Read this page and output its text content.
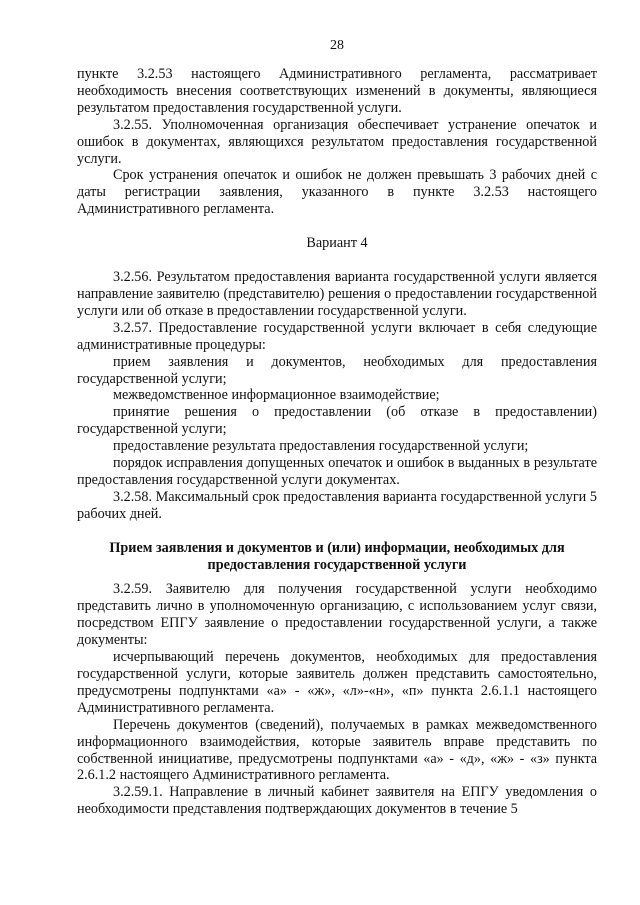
28

пункте 3.2.53 настоящего Административного регламента, рассматривает необходимость внесения соответствующих изменений в документы, являющиеся результатом предоставления государственной услуги.

3.2.55. Уполномоченная организация обеспечивает устранение опечаток и ошибок в документах, являющихся результатом предоставления государственной услуги.

Срок устранения опечаток и ошибок не должен превышать 3 рабочих дней с даты регистрации заявления, указанного в пункте 3.2.53 настоящего Административного регламента.

Вариант 4

3.2.56. Результатом предоставления варианта государственной услуги является направление заявителю (представителю) решения о предоставлении государственной услуги или об отказе в предоставлении государственной услуги.

3.2.57. Предоставление государственной услуги включает в себя следующие административные процедуры:

прием заявления и документов, необходимых для предоставления государственной услуги;

межведомственное информационное взаимодействие;

принятие решения о предоставлении (об отказе в предоставлении) государственной услуги;

предоставление результата предоставления государственной услуги;

порядок исправления допущенных опечаток и ошибок в выданных в результате предоставления государственной услуги документах.

3.2.58. Максимальный срок предоставления варианта государственной услуги 5 рабочих дней.

Прием заявления и документов и (или) информации, необходимых для предоставления государственной услуги

3.2.59. Заявителю для получения государственной услуги необходимо представить лично в уполномоченную организацию, с использованием услуг связи, посредством ЕПГУ заявление о предоставлении государственной услуги, а также документы:

исчерпывающий перечень документов, необходимых для предоставления государственной услуги, которые заявитель должен представить самостоятельно, предусмотрены подпунктами «а» - «ж», «л»-«н», «п» пункта 2.6.1.1 настоящего Административного регламента.

Перечень документов (сведений), получаемых в рамках межведомственного информационного взаимодействия, которые заявитель вправе представить по собственной инициативе, предусмотрены подпунктами «а» - «д», «ж» - «з» пункта 2.6.1.2 настоящего Административного регламента.

3.2.59.1. Направление в личный кабинет заявителя на ЕПГУ уведомления о необходимости представления подтверждающих документов в течение 5
